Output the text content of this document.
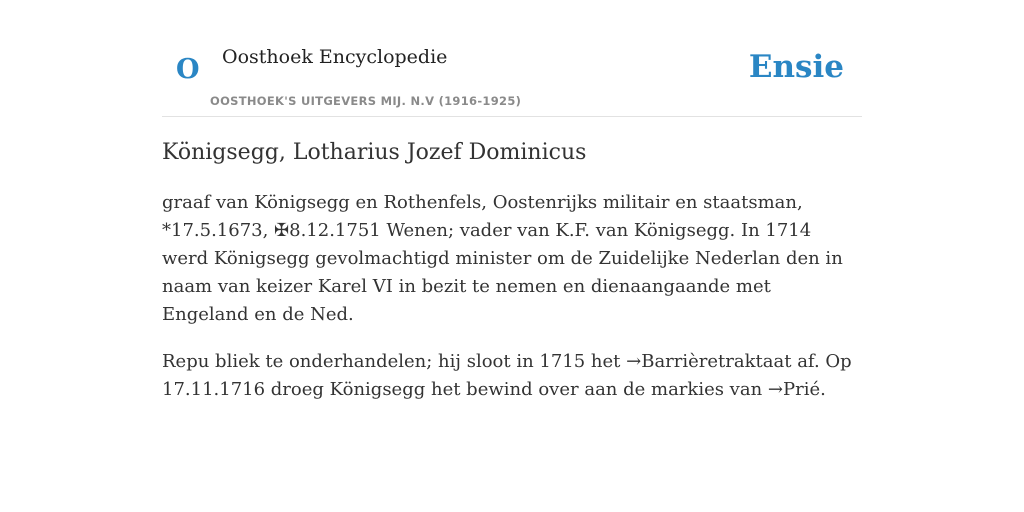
O Oosthoek Encyclopedie
OOSTHOEK'S UITGEVERS MIJ. N.V (1916-1925)
Ensie
Königsegg, Lotharius Jozef Dominicus

graaf van Königsegg en Rothenfels, Oostenrijks militair en staatsman, *17.5.1673, ✠8.12.1751 Wenen; vader van K.F. van Königsegg. In 1714 werd Königsegg gevolmachtigd minister om de Zuidelijke Nederlan den in naam van keizer Karel VI in bezit te nemen en dienaangaande met Engeland en de Ned.

Repu bliek te onderhandelen; hij sloot in 1715 het →Barrièretraktaat af. Op 17.11.1716 droeg Königsegg het bewind over aan de markies van →Prié.
